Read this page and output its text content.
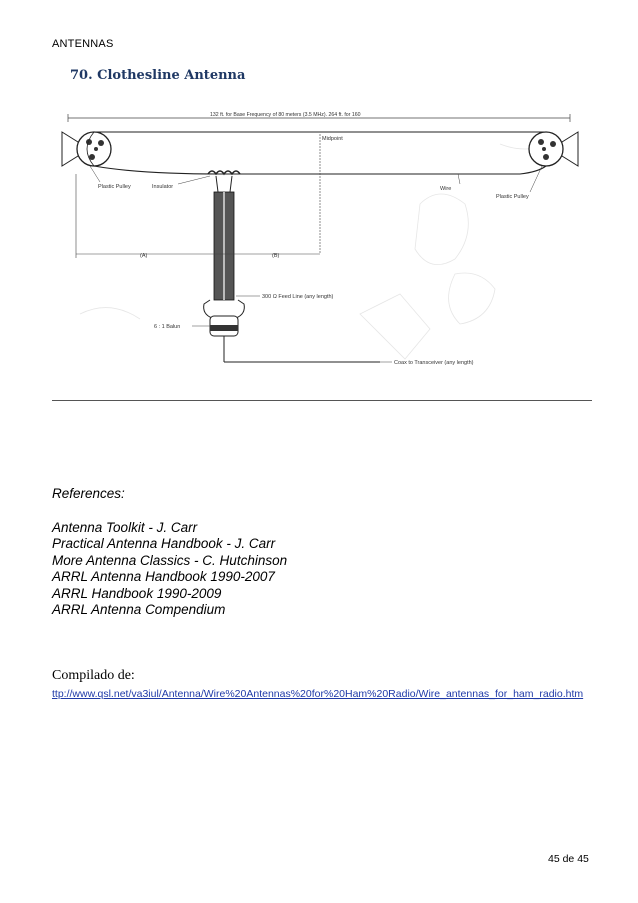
ANTENNAS
70. Clothesline Antenna
132 ft. for Base Frequency of 80 meters (3.5 MHz). 264 ft. for 160
Midpoint
(A)	(B)
Plastic Pulley	Insulator	Wire
Plastic Pulley
300 Ω Feed Line (any length)
6 : 1 Balun
Coax to Transceiver (any length)
References:
Antenna Toolkit - J. Carr
Practical Antenna Handbook - J. Carr
More Antenna Classics - C. Hutchinson
ARRL Antenna Handbook 1990-2007
ARRL Handbook 1990-2009
ARRL Antenna Compendium
Compilado de:
ttp://www.qsl.net/va3iul/Antenna/Wire%20Antennas%20for%20Ham%20Radio/Wire_antennas_for_ham_radio.htm
45 de 45
